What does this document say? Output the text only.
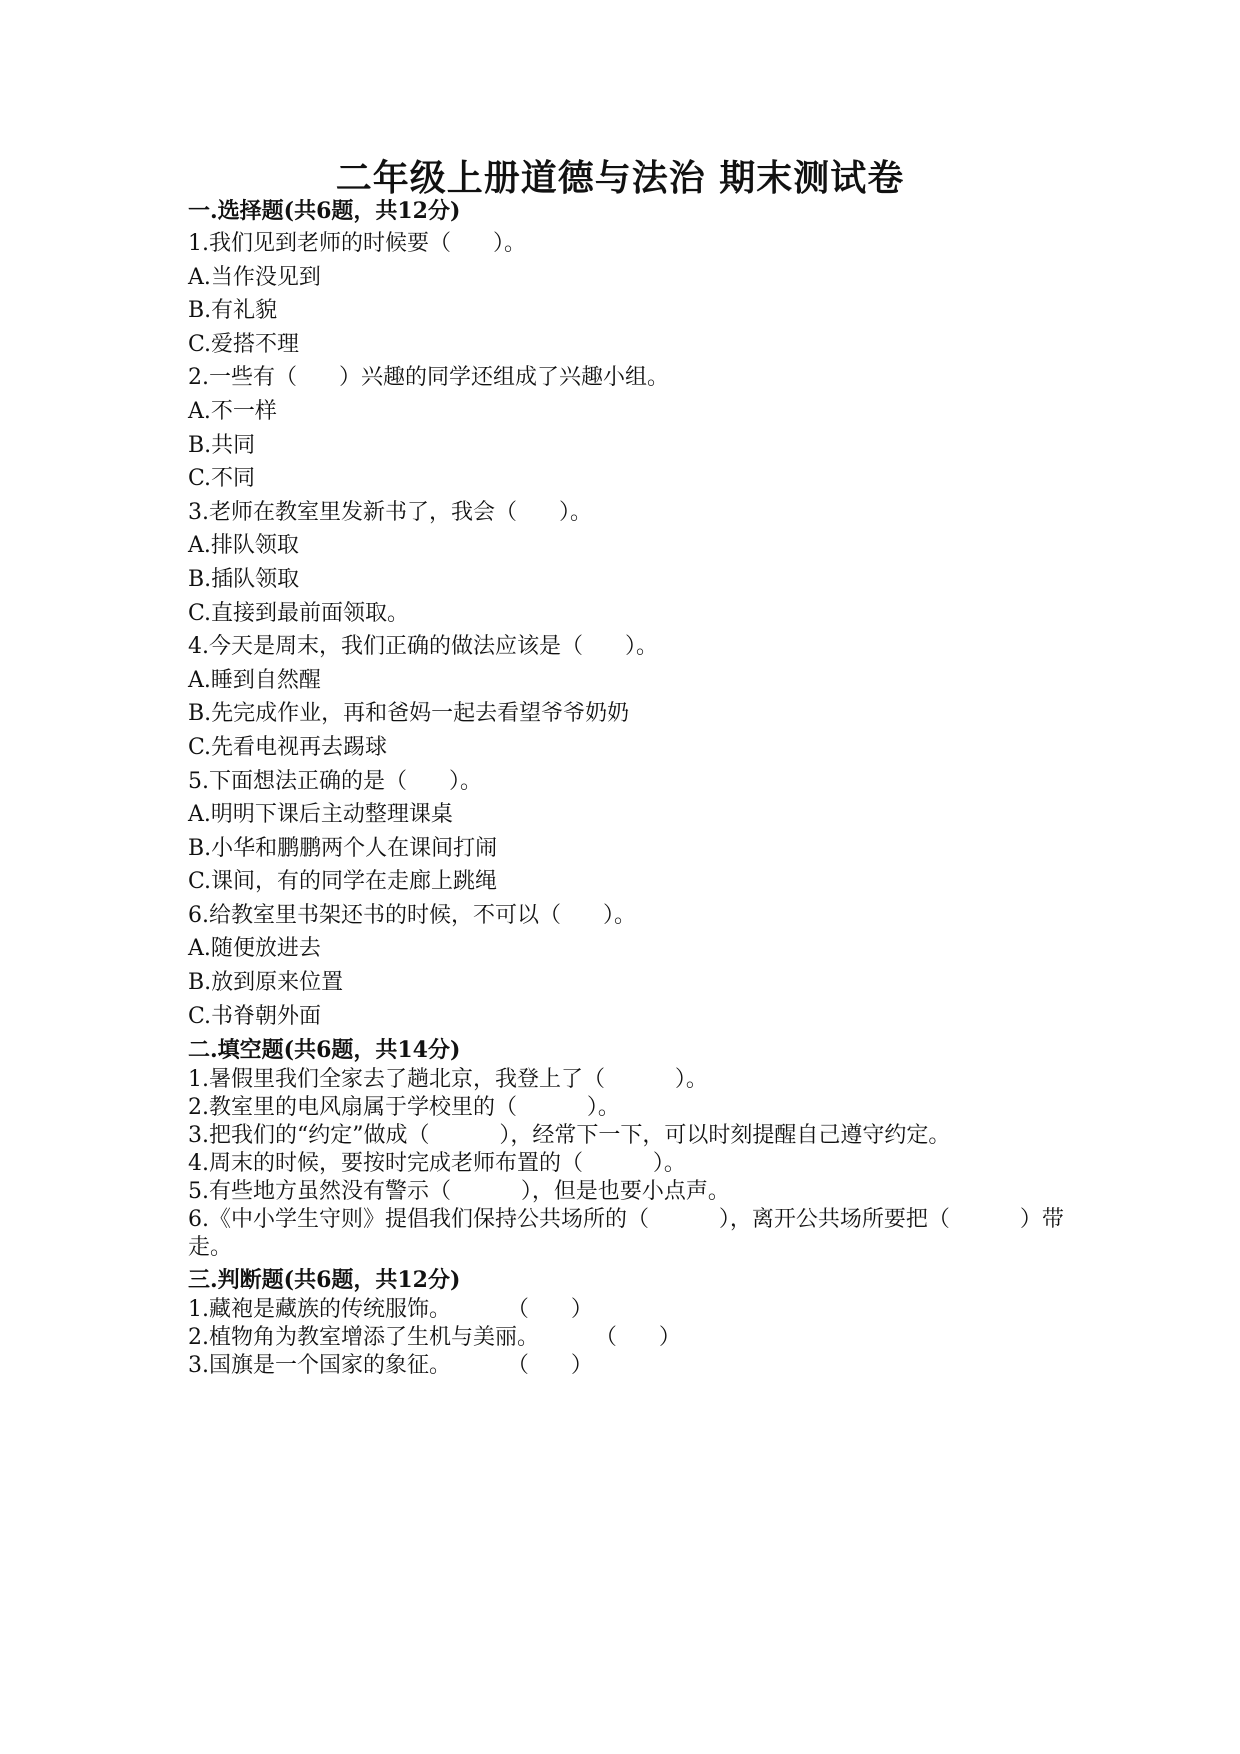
二年级上册道德与法治 期末测试卷
一.选择题(共6题，共12分)
1.我们见到老师的时候要（      ）。
A.当作没见到
B.有礼貌
C.爱搭不理
2.一些有（      ）兴趣的同学还组成了兴趣小组。
A.不一样
B.共同
C.不同
3.老师在教室里发新书了，我会（      ）。
A.排队领取
B.插队领取
C.直接到最前面领取。
4.今天是周末，我们正确的做法应该是（      ）。
A.睡到自然醒
B.先完成作业，再和爸妈一起去看望爷爷奶奶
C.先看电视再去踢球
5.下面想法正确的是（      ）。
A.明明下课后主动整理课桌
B.小华和鹏鹏两个人在课间打闹
C.课间，有的同学在走廊上跳绳
6.给教室里书架还书的时候，不可以（      ）。
A.随便放进去
B.放到原来位置
C.书脊朝外面
二.填空题(共6题，共14分)
1.暑假里我们全家去了趟北京，我登上了（          ）。
2.教室里的电风扇属于学校里的（          ）。
3.把我们的“约定”做成（          ），经常下一下，可以时刻提醒自己遵守约定。
4.周末的时候，要按时完成老师布置的（          ）。
5.有些地方虽然没有警示（          ），但是也要小点声。
6.《中小学生守则》提倡我们保持公共场所的（          ），离开公共场所要把（          ）带走。
三.判断题(共6题，共12分)
1.藏袍是藏族的传统服饰。        （      ）
2.植物角为教室增添了生机与美丽。        （      ）
3.国旗是一个国家的象征。        （      ）
